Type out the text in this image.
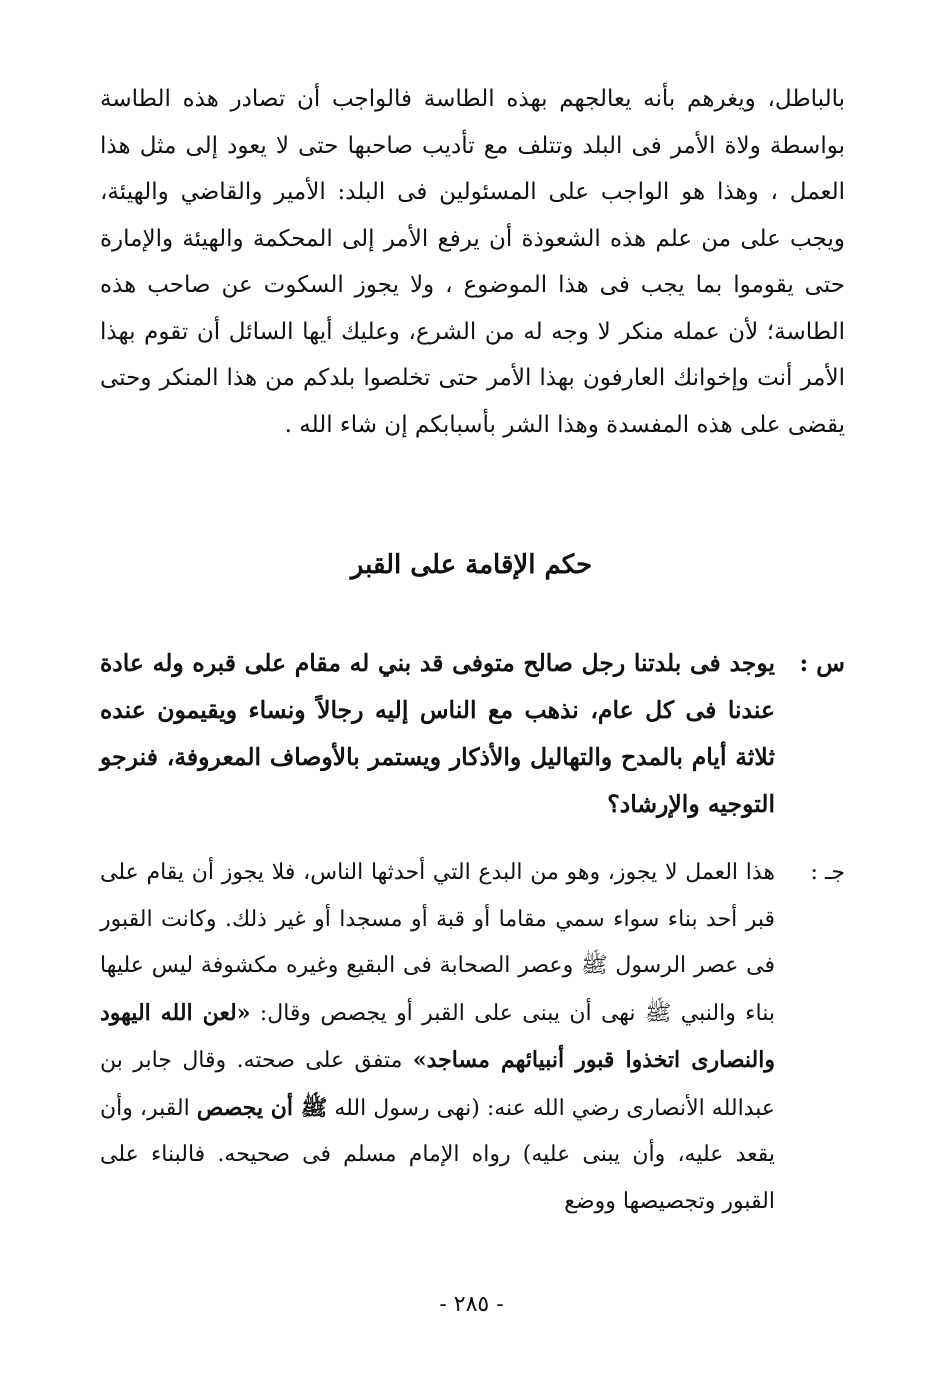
بالباطل، ويغرهم بأنه يعالجهم بهذه الطاسة فالواجب أن تصادر هذه الطاسة بواسطة ولاة الأمر فى البلد وتتلف مع تأديب صاحبها حتى لا يعود إلى مثل هذا العمل ، وهذا هو الواجب على المسئولين فى البلد: الأمير والقاضي والهيئة، ويجب على من علم هذه الشعوذة أن يرفع الأمر إلى المحكمة والهيئة والإمارة حتى يقوموا بما يجب فى هذا الموضوع ، ولا يجوز السكوت عن صاحب هذه الطاسة؛ لأن عمله منكر لا وجه له من الشرع، وعليك أيها السائل أن تقوم بهذا الأمر أنت وإخوانك العارفون بهذا الأمر حتى تخلصوا بلدكم من هذا المنكر وحتى يقضى على هذه المفسدة وهذا الشر بأسبابكم إن شاء الله .

حكم الإقامة على القبر
س :
يوجد فى بلدتنا رجل صالح متوفى قد بني له مقام على قبره وله عادة عندنا فى كل عام، نذهب مع الناس إليه رجالاً ونساء ويقيمون عنده ثلاثة أيام بالمدح والتهاليل والأذكار ويستمر بالأوصاف المعروفة، فنرجو التوجيه والإرشاد؟
جـ :
هذا العمل لا يجوز، وهو من البدع التي أحدثها الناس، فلا يجوز أن يقام على قبر أحد بناء سواء سمي مقاما أو قبة أو مسجدا أو غير ذلك. وكانت القبور فى عصر الرسول ﷺ وعصر الصحابة فى البقيع وغيره مكشوفة ليس عليها بناء والنبي ﷺ نهى أن يبنى على القبر أو يجصص وقال: «لعن الله اليهود والنصارى اتخذوا قبور أنبيائهم مساجد» متفق على صحته. وقال جابر بن عبدالله الأنصارى رضي الله عنه: (نهى رسول الله ﷺ أن يجصص القبر، وأن يقعد عليه، وأن يبنى عليه) رواه الإمام مسلم فى صحيحه. فالبناء على القبور وتجصيصها ووضع
- ٢٨٥ -
